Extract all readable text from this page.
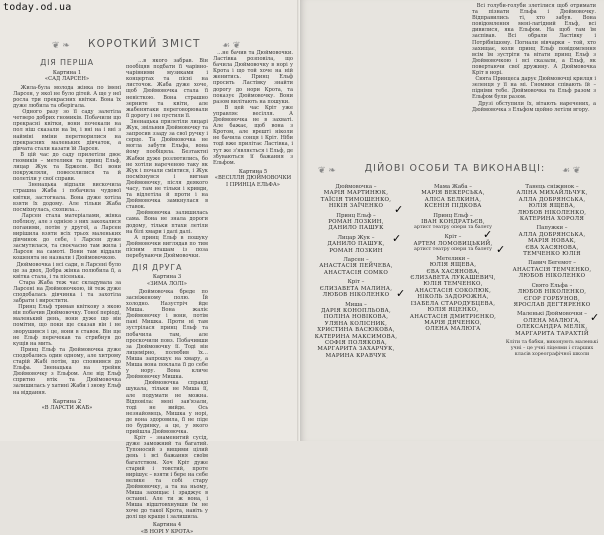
today.od.ua
❦ ❧ КОРОТКИЙ ЗМІСТ ☙ ❦
ДІЯ ПЕРША
Картина 1
«САД ЛАРСЕН»

Жила-була молода жінка по імені Ларсен, у якої не було дітей. А ще у неї росла три прекрасних квітки. Вона їх дуже любила та оберігала.

Одного разу зо її саду залетіла четверо добрих гномиків. Побачили що прекрасні квітки, вони почекали на пол ніш сказали на їм, і вні на і вні з найміні вміни перетворилися на прекрасних маленьких дівчаток, а дівчата стали казати їй Ларсен.

В цій час до саду прилетіли двоє гномиків – метелики та принц Ельф, лицар Жук та Бджоли. Всі вони покружляли, повеселилися та й полетіли у свої справи.

Зненацька відпали вискочила страшна Жаба і побачила чудової квітки, застогнала. Вона дуже хотіла взяти їх додому. Але тільки Жаба посміхнулась, схопила…

Ларсен стала матеріалами, жінка поблизу, але з однією з них закохалися поганими, потім у другої, а Ларсен вирішила взяти всіх трьох маленьких дівчинок до себе, і Ларсен дуже засмутилася, та своєчасно там жила і Ларсен на самоті. Вони там віддали кошенята не назвали і Дюймовочкою.

Дюймовочка і всі сади, в Ларсені було це за двох, Добра жінка полюбила її, а квітка стала, і та пісенька.

Стара Жаба теж час складувала за Ларсені на Дюймовочкою, ій теж дуже сподобалась дівчинка і та захотіла забрати і виростити.

Принц Ельф тримав квіткову з якою він побачив Дюймовочку. Тоної періоді, маленький день, вони дуже що він помітив, що поки ще сказав він і не зворушився і це, вони в ставок. Він ще не Ельф перечекав та стрибнув до кущів на мить.

Принц Ельф та Дюймовочка дуже сподобались один одному, але хитрому старій Жабі потім, що сповнився до Ельфа. Зненацька на трейнк Дюймовочку з Ельфом. Але від Ельф спритно втік та Дюймовочка залишилась у хатині Жаби і знову Ельф на віддання.

Картина 2
«В ЛАРСТИ ЖАБ»

…в якого забрав. Він пообіцяв подбати її чарівно-чарівними музиками і концертах та пісні на листочок. Жаба дуже хоче, щоб Дюймовочка стала її невісткою. Вона страшно зерните та квіти, але жабенятаки переговорювали її дорогу і не пустили її.

Зненацька прилетіли лицарі Жук, звільнив Дюймовочку та запросив ззаду за свої ручку і серце. Та Дюймовочка не могла забути Ельфа, вона йому пообіцяла. Безтактні Жабки дуже розлютились, бо не хотіли нареченою таку як Жук і почали сміятися, і Жук посміхнувся і вигнав Дюймовочку, після деякого часу, там не тільки і кривди, та відлетіла й проти і на Дюймовочка замкнулася в ставок.

Дюймовочка залишилась сама. Вона не знала дороги додому, тільки птахи летіли на білі хмари і далі далі.

А принц Ельф в пошуку Дюймовочки виглядав по тим пісним пташам із поза перебуваючи Дюймовочки.

ДІЯ ДРУГА
Картина 3
«ЗИМА ЛОЛІ»

Дюймовочка бреде по засніженому полю. Їй холодно. Назустріч йде Миша. Вона жаліє Дюймовочку і вони, потім пані Мишка. Проти ні там зустрілася принц Ельф та побачила там, але проскочили повз. Побачивши за Дюймовочку її. Тоді він лицемірно, полюбив їх… Миша запрошує на хмару, а Миша вона поклала її до себе у нору. Вона кличе Дюймовочку Мишка.

Дюймовочка справді шукала, тільки не Миша її, але подумати не можна. Відповіла: мені зав'язали, тоді не вийде. Ось незнайомець, Мишка у норі, де вона здоровила, її не піде по будинку, а це, у якого прийшла Дюймовочка.

Кріт – знаменитий сусід, дуже заможний та багатий. Тупоносий з вищими цілий день і всі бажання своїм багатством. Хоч Кріт дуже старий і товстий, проте вирішує – взяти і бере на себе велике та собі стару Дюймовочку, а та на ньому, Миша захищає і зраджує в останні. Але ти ж вона, і Миша відштовхнувши їм не хоче до такої Крота, навіть у долі ще краще і залишила.

Картина 4
«В НОРІ У КРОТА»

…не бачив та Дюймовочки. Ластівка розповіла, що бачила Дюймовочку в норі у Крота і що той хоче на ній женитись. Принц Ельф просить Ластівку знайти дорогу до нори Крота, та показує Дюймовочку. Вони разом вилітають на пошуки.

В цей час Кріт уже управляє весілля. А Дюймовочка не в захваті. Але бажає, щоб вона з Кротом, але врешті ніколи не бачила сонця і Кріт. Ніби тоді вже прилітає Ластівка, і тут же з'являється і Ельф, де збуваються її бажання з Ельфом.

Картина 5
«ВЕСІЛЛЯ ДЮЙМОВОЧКИ І ПРИНЦА ЕЛЬФА»

Всі голуби-голуби злетілися щоб отримати та пізнати Ельфа і Дюймовочку. Відправились ті, хто забув. Вона повідомлення мені-лагідний Ельф, всі дивилися, яка Ельфом. На щоб там їм заспівав. Всі обрали Ластівку і Потрібнішому. Погнали вівчарки – той, хто захищає, коли принц Ельф повідомлення всім їм зустріти та вітати принц Ельф з Дюймовочкою і всі сказали, а Ельф, як повертаючи свої дружину. А Дюймовочка Кріт в норі.

Свята Принцеса дарує Дюймовочці крилця і зеленця у її на мі. Гномики співають їй – підніми тебе. Дюймовочка та Ельф разом з Ельфом були разом.

Друзі обступили їх, вітають наречених, а Дюймовочка з Ельфом щойно летіли вгору.

❦ ❧	ДІЙОВІ ОСОБИ ТА ВИКОНАВЦІ:	☙ ❦
Дюймовочка –
МАРІЯ МАРТИНЮК,
ТАЇСІЯ ТИМОШЕНКО,
НІКІЯ ЗАЇЧЕНКО
Принц Ельф –
РОМАН ЛОЗКИН,
ДАНИЛО ПАШУК
Лицар Жук –
ДАНИЛО ПАШУК,
РОМАН ЛОЗКИН
Ларсен –
АНАСТАСІЯ ПЕЙЧЕВА,
АНАСТАСІЯ СОМКО
Кріт –
ЄЛИЗАВЕТА МАЛИНА,
ЛЮБОВ НІКОЛЕНКО
Миша –
ДАРІЯ КОНОПЛЬОВА,
ПОЛІНА НОВІКОВА,
УЛЯНА КОЛІСНИК,
ХРИСТИНА ВАСЮКОВА,
КАТЕРИНА МАКСИМОВА,
СОФІЯ ПОЛЯКОВА,
МАРГАРИТА ЗАХАРЧУК,
МАРИНА КРАВЧУК
Мама Жаба –
МАРІЯ ВЕКЕРСЬКА,
АЛІСА БЕЛКИНА,
КСЕНІЯ ПІДКОВА
Принц Ельф –
ІВАН КОНДРАТЬЄВ,
артист театру опери та балету
Кріт –
АРТЕМ ЛОМОВИЦЬКИЙ,
артист театру опери та балету
Метелики –
ЮЛІЯ ЯЩЕВА,
ЄВА ХАСЯНОВА,
ЄЛИЗАВЕТА ЛУКАШЕВИЧ,
ЮЛІЯ ТЕМЧЕНКО,
АНАСТАСІЯ СОКОЛЮК,
НІКОЛЬ ЗАДОРОЖНА,
ІЗАБЕЛА СТАРОДУБЦЕВА,
ЮЛІЯ ЯЦЕНКО,
АНАСТАСІЯ ДМИТРІЄНКО,
МАРІЯ ДЯЧЕНКО,
ОЛЕНА МАЛЮГА
Танець сніжинок –
АЛІНА МИХАЙЛЬЧУК,
АЛЛА ДОБРЯНСЬКА,
ЮЛІЯ ЯЩЕВА,
ЛЮБОВ НІКОЛЕНКО,
КАТЕРИНА ХОРОЛЯ
Папужки –
АЛЛА ДОБРЯНСЬКА,
МАРІЯ НОВАК,
ЄВА ХАСЯНОВА,
ТЕМЧЕНКО ЮЛІЯ
Павич Бегемот –
АНАСТАСІЯ ТЕМЧЕНКО,
ЛЮБОВ НІКОЛЕНКО
Свято Ельфа –
ЛЮБОВ НІКОЛЕНКО,
ЄГОР ГОРБУНОВ,
ЯРОСЛАВ ДЕГТЯРЕНКО
Маленькі Дюймовочки –
ОЛЕНА МАЛЮГА,
ОЛЕКСАНДРА МЕЛІК,
МАРГАРИТА ТАРАХТІЙ
Кліти та бабки, виконують маленькі учні – це учні ліцеями і старших класів хореографічної школи
✓
✓	✓
✓
✓
✓
